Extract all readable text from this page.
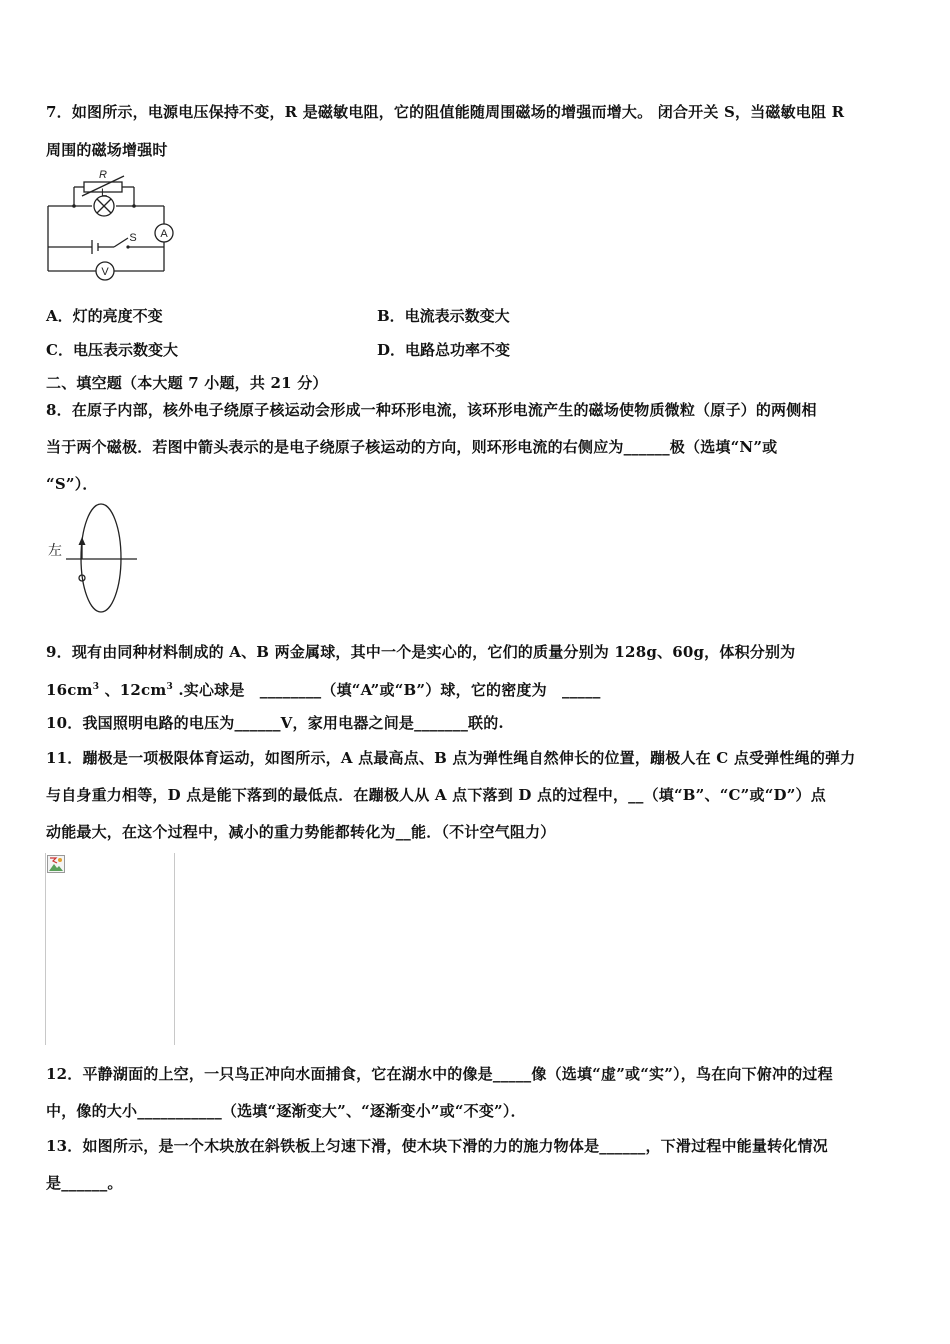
7．如图所示，电源电压保持不变，R 是磁敏电阻，它的阻值能随周围磁场的增强而增大。 闭合开关 S，当磁敏电阻 R
周围的磁场增强时
R
L
S A
V
A．灯的亮度不变	B．电流表示数变大
C．电压表示数变大	D．电路总功率不变
二、填空题（本大题 7 小题，共 21 分）
8．在原子内部，核外电子绕原子核运动会形成一种环形电流，该环形电流产生的磁场使物质微粒（原子）的两侧相
当于两个磁极．若图中箭头表示的是电子绕原子核运动的方向，则环形电流的右侧应为______极（选填“N”或
“S”）．
左
9．现有由同种材料制成的 A、B 两金属球，其中一个是实心的，它们的质量分别为 128g、60g，体积分别为
$16cm^3$ 、$12cm^3$ .实心球是　________（填“A”或“B”）球，它的密度为　_____
10．我国照明电路的电压为______V，家用电器之间是_______联的.
11．蹦极是一项极限体育运动，如图所示，A 点最高点、B 点为弹性绳自然伸长的位置，蹦极人在 C 点受弹性绳的弹力
与自身重力相等，D 点是能下落到的最低点．在蹦极人从 A 点下落到 D 点的过程中，__（填“B”、“C”或“D”）点
动能最大，在这个过程中，减小的重力势能都转化为__能．（不计空气阻力）
12．平静湖面的上空，一只鸟正冲向水面捕食，它在湖水中的像是_____像（选填“虚”或“实”），鸟在向下俯冲的过程
中，像的大小___________（选填“逐渐变大”、“逐渐变小”或“不变”）．
13．如图所示，是一个木块放在斜铁板上匀速下滑，使木块下滑的力的施力物体是______，下滑过程中能量转化情况
是______。
